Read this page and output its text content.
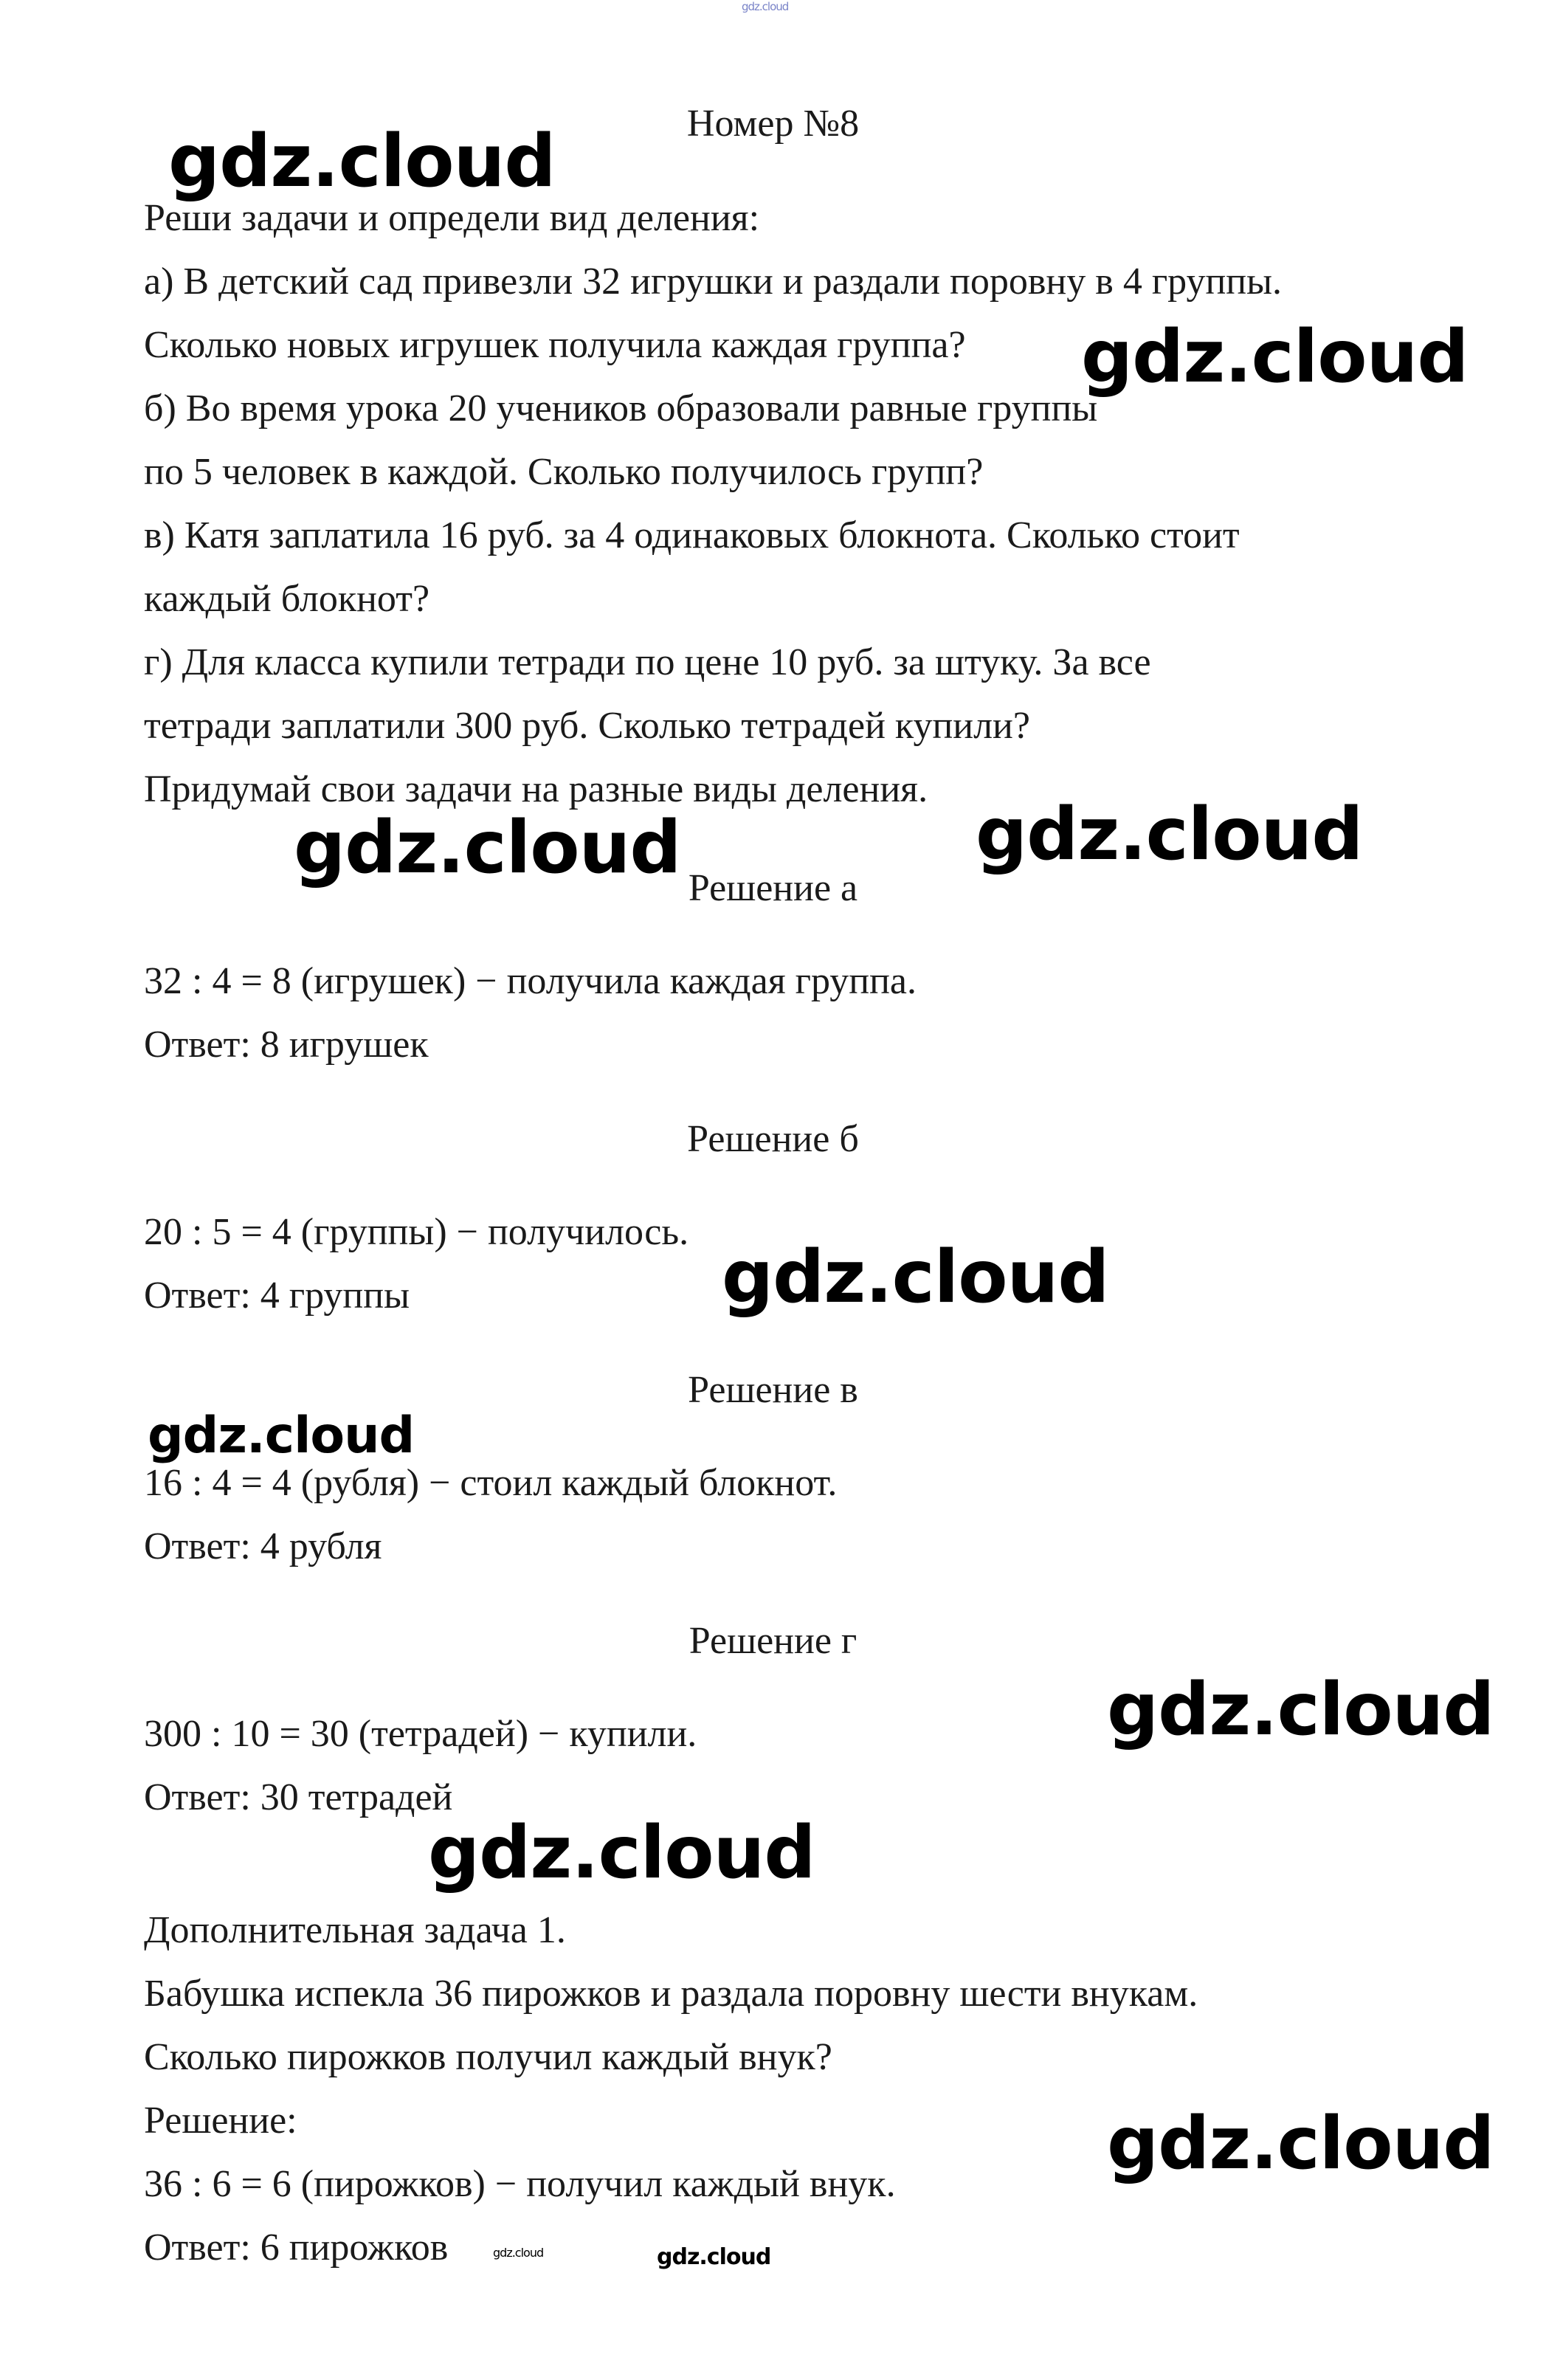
gdz.cloud
Номер №8
Реши задачи и определи вид деления:
а) В детский сад привезли 32 игрушки и раздали поровну в 4 группы.
Сколько новых игрушек получила каждая группа?
б) Во время урока 20 учеников образовали равные группы
по 5 человек в каждой. Сколько получилось групп?
в) Катя заплатила 16 руб. за 4 одинаковых блокнота. Сколько стоит
каждый блокнот?
г) Для класса купили тетради по цене 10 руб. за штуку. За все
тетради заплатили 300 руб. Сколько тетрадей купили?
Придумай свои задачи на разные виды деления.
Решение а
32 : 4 = 8 (игрушек) − получила каждая группа.
Ответ: 8 игрушек
Решение б
20 : 5 = 4 (группы) − получилось.
Ответ: 4 группы
Решение в
16 : 4 = 4 (рубля) − стоил каждый блокнот.
Ответ: 4 рубля
Решение г
300 : 10 = 30 (тетрадей) − купили.
Ответ: 30 тетрадей
Дополнительная задача 1.
Бабушка испекла 36 пирожков и раздала поровну шести внукам.
Сколько пирожков получил каждый внук?
Решение:
36 : 6 = 6 (пирожков) − получил каждый внук.
Ответ: 6 пирожков
gdz.cloud
gdz.cloud
gdz.cloud	gdz.cloud
gdz.cloud
gdz.cloud
gdz.cloud
gdz.cloud
gdz.cloud
gdz.cloud	gdz.cloud
